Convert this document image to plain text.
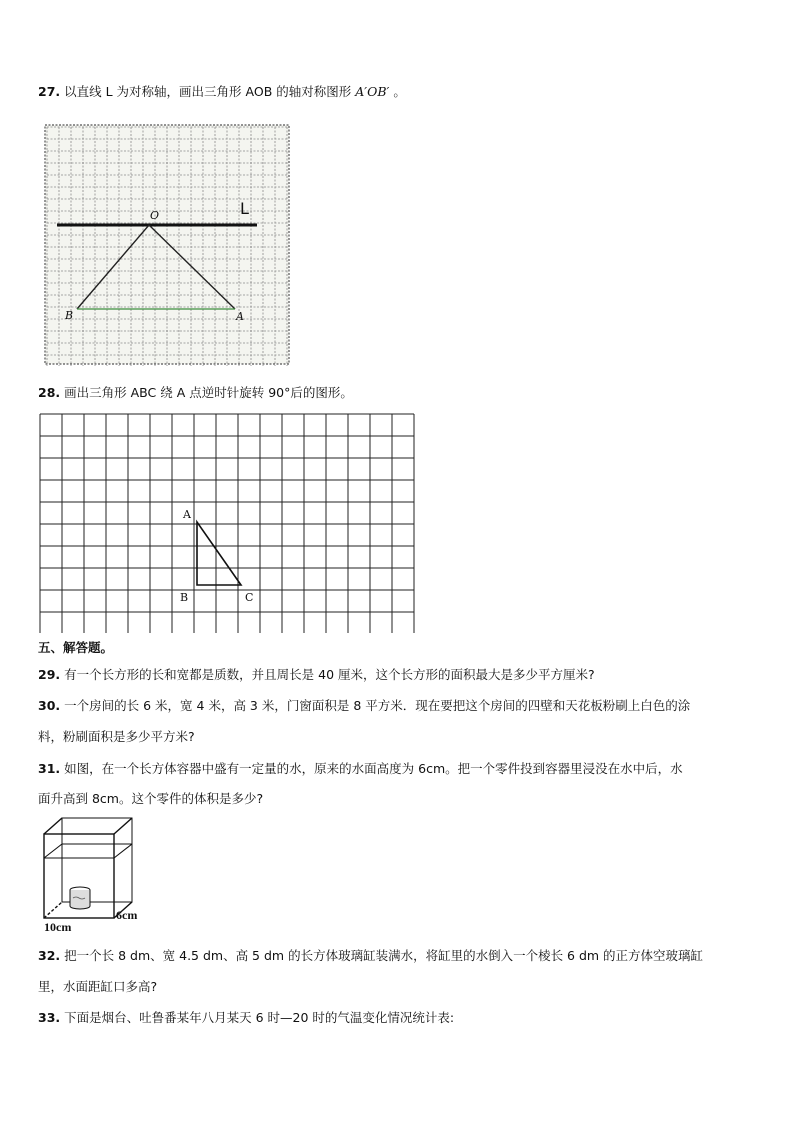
27. 以直线 L 为对称轴，画出三角形 AOB 的轴对称图形 A′OB′ 。
O	L
B	A
28. 画出三角形 ABC 绕 A 点逆时针旋转 90°后的图形。
A
B	C
五、解答题。
29. 有一个长方形的长和宽都是质数，并且周长是 40 厘米，这个长方形的面积最大是多少平方厘米?
30. 一个房间的长 6 米，宽 4 米，高 3 米，门窗面积是 8 平方米．现在要把这个房间的四壁和天花板粉刷上白色的涂
料，粉刷面积是多少平方米?
31. 如图，在一个长方体容器中盛有一定量的水，原来的水面高度为 6cm。把一个零件投到容器里浸没在水中后，水
面升高到 8cm。这个零件的体积是多少?
10cm
6cm
32. 把一个长 8 dm、宽 4.5 dm、高 5 dm 的长方体玻璃缸装满水，将缸里的水倒入一个棱长 6 dm 的正方体空玻璃缸
里，水面距缸口多高?
33. 下面是烟台、吐鲁番某年八月某天 6 时—20 时的气温变化情况统计表:
